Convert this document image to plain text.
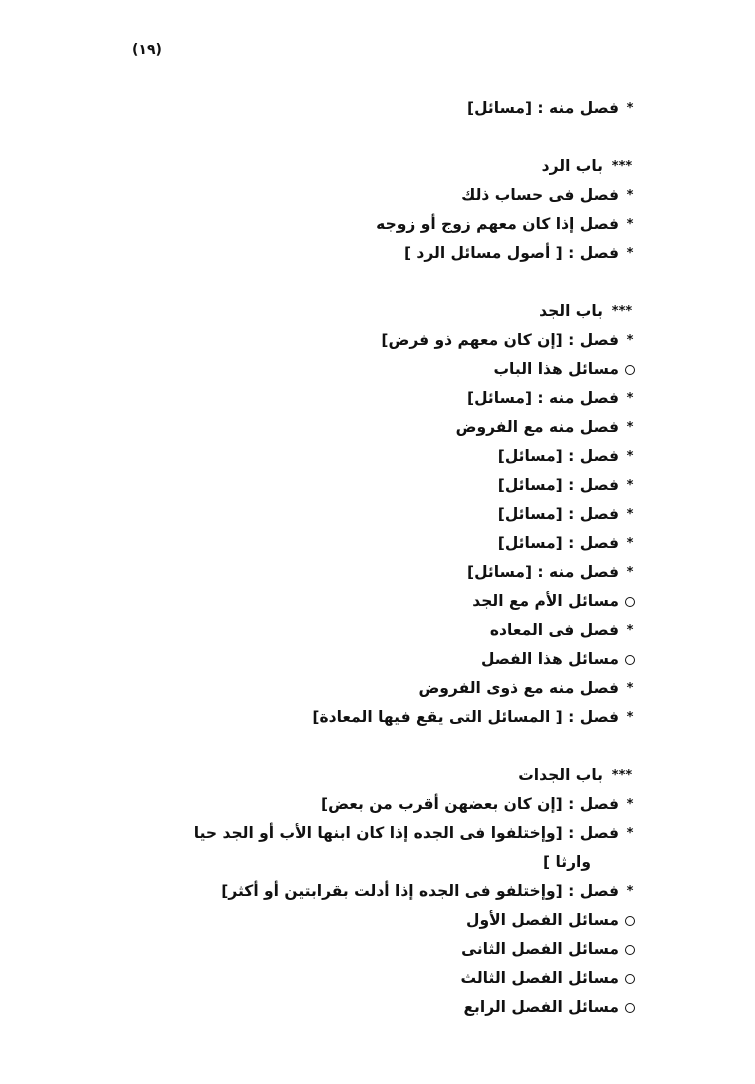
(١٩)
*
فصل منه : [مسائل]
***
باب الرد
*
فصل فى حساب ذلك
*
فصل إذا كان معهم زوج أو زوجه
*
فصل : [ أصول مسائل الرد ]
***
باب الجد
*
فصل : [إن كان معهم ذو فرض]
مسائل هذا الباب
*
فصل منه : [مسائل]
*
فصل منه مع الفروض
*
فصل : [مسائل]
*
فصل : [مسائل]
*
فصل : [مسائل]
*
فصل : [مسائل]
*
فصل منه : [مسائل]
مسائل الأم مع الجد
*
فصل فى المعاده
مسائل هذا الفصل
*
فصل منه مع ذوى الفروض
*
فصل : [ المسائل التى يقع فيها المعادة]
***
باب الجدات
*
فصل : [إن كان بعضهن أقرب من بعض]
*
فصل : [وإختلفوا فى الجده إذا كان ابنها الأب أو الجد حيا
وارثا ]
*
فصل : [وإختلفو فى الجده إذا أدلت بقرابتين أو أكثر]
مسائل الفصل الأول
مسائل الفصل الثانى
مسائل الفصل الثالث
مسائل الفصل الرابع
